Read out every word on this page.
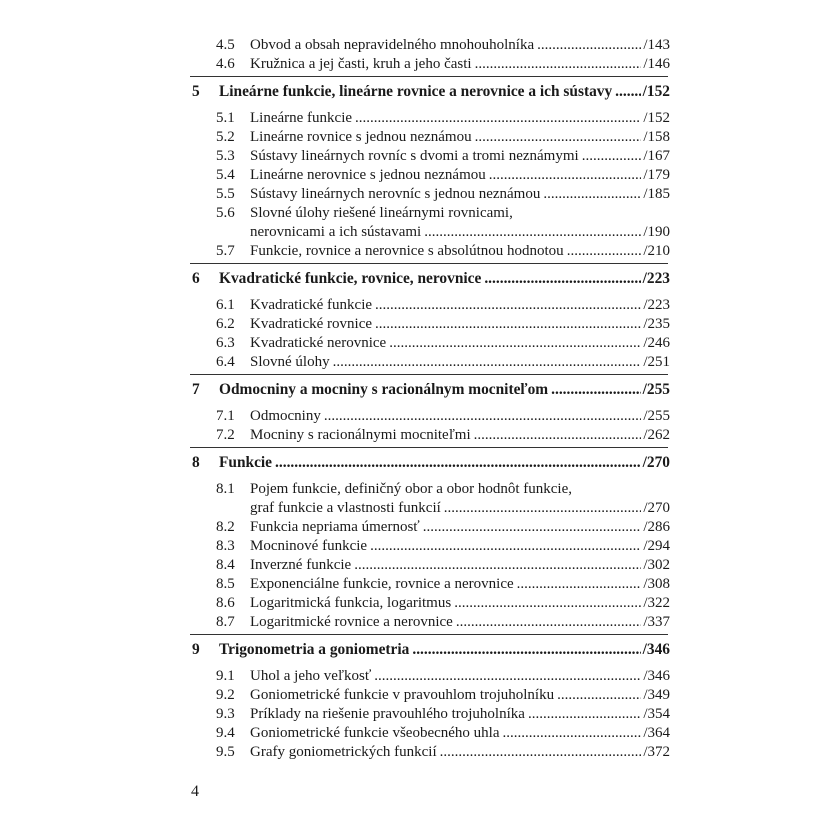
4.5	Obvod a obsah nepravidelného mnohouholníka .....	/143
4.6	Kružnica a jej časti, kruh a jeho časti .....	/146
5	Lineárne funkcie, lineárne rovnice a nerovnice a ich sústavy ..... /152
5.1	Lineárne funkcie .....	/152
5.2	Lineárne rovnice s jednou neznámou .....	/158
5.3	Sústavy lineárnych rovníc s dvomi a tromi neznámymi .....	/167
5.4	Lineárne nerovnice s jednou neznámou .....	/179
5.5	Sústavy lineárnych nerovníc s jednou neznámou .....	/185
5.6	Slovné úlohy riešené lineárnymi rovnicami,
nerovnicami a ich sústavami .....	/190
5.7	Funkcie, rovnice a nerovnice s absolútnou hodnotou .....	/210
6	Kvadratické funkcie, rovnice, nerovnice .....	/223
6.1	Kvadratické funkcie .....	/223
6.2	Kvadratické rovnice .....	/235
6.3	Kvadratické nerovnice .....	/246
6.4	Slovné úlohy .....	/251
7	Odmocniny a mocniny s racionálnym mocniteľom .....	/255
7.1	Odmocniny .....	/255
7.2	Mocniny s racionálnymi mocniteľmi .....	/262
8	Funkcie .....	/270
8.1	Pojem funkcie, definičný obor a obor hodnôt funkcie,
graf funkcie a vlastnosti funkcií .....	/270
8.2	Funkcia nepriama úmernosť .....	/286
8.3	Mocninové funkcie .....	/294
8.4	Inverzné funkcie .....	/302
8.5	Exponenciálne funkcie, rovnice a nerovnice .....	/308
8.6	Logaritmická funkcia, logaritmus .....	/322
8.7	Logaritmické rovnice a nerovnice .....	/337
9	Trigonometria a goniometria .....	/346
9.1	Uhol a jeho veľkosť .....	/346
9.2	Goniometrické funkcie v pravouhlom trojuholníku .....	/349
9.3	Príklady na riešenie pravouhlého trojuholníka .....	/354
9.4	Goniometrické funkcie všeobecného uhla .....	/364
9.5	Grafy goniometrických funkcií .....	/372
4
